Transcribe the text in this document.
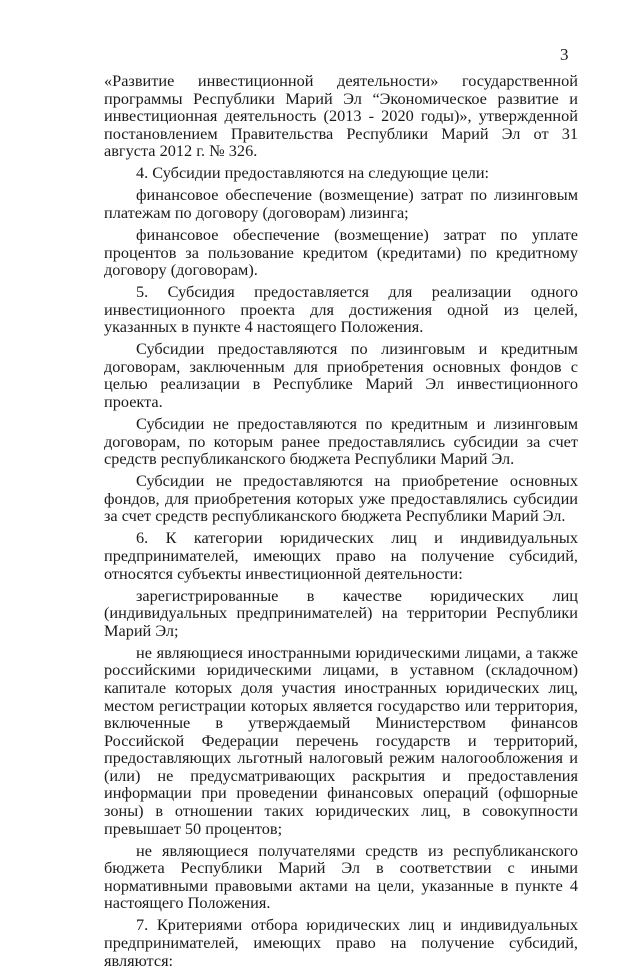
3

«Развитие инвестиционной деятельности» государственной программы Республики Марий Эл “Экономическое развитие и инвестиционная деятельность (2013 - 2020 годы)», утвержденной постановлением Правительства Республики Марий Эл от 31 августа 2012 г. № 326.

4. Субсидии предоставляются на следующие цели:

финансовое обеспечение (возмещение) затрат по лизинговым платежам по договору (договорам) лизинга;

финансовое обеспечение (возмещение) затрат по уплате процентов за пользование кредитом (кредитами) по кредитному договору (договорам).

5. Субсидия предоставляется для реализации одного инвестиционного проекта для достижения одной из целей, указанных в пункте 4 настоящего Положения.

Субсидии предоставляются по лизинговым и кредитным договорам, заключенным для приобретения основных фондов с целью реализации в Республике Марий Эл инвестиционного проекта.

Субсидии не предоставляются по кредитным и лизинговым договорам, по которым ранее предоставлялись субсидии за счет средств республиканского бюджета Республики Марий Эл.

Субсидии не предоставляются на приобретение основных фондов, для приобретения которых уже предоставлялись субсидии за счет средств республиканского бюджета Республики Марий Эл.

6. К категории юридических лиц и индивидуальных предпринимателей, имеющих право на получение субсидий, относятся субъекты инвестиционной деятельности:

зарегистрированные в качестве юридических лиц (индивидуальных предпринимателей) на территории Республики Марий Эл;

не являющиеся иностранными юридическими лицами, а также российскими юридическими лицами, в уставном (складочном) капитале которых доля участия иностранных юридических лиц, местом регистрации которых является государство или территория, включенные в утверждаемый Министерством финансов Российской Федерации перечень государств и территорий, предоставляющих льготный налоговый режим налогообложения и (или) не предусматривающих раскрытия и предоставления информации при проведении финансовых операций (офшорные зоны) в отношении таких юридических лиц, в совокупности превышает 50 процентов;

не являющиеся получателями средств из республиканского бюджета Республики Марий Эл в соответствии с иными нормативными правовыми актами на цели, указанные в пункте 4 настоящего Положения.

7. Критериями отбора юридических лиц и индивидуальных предпринимателей, имеющих право на получение субсидий, являются:
